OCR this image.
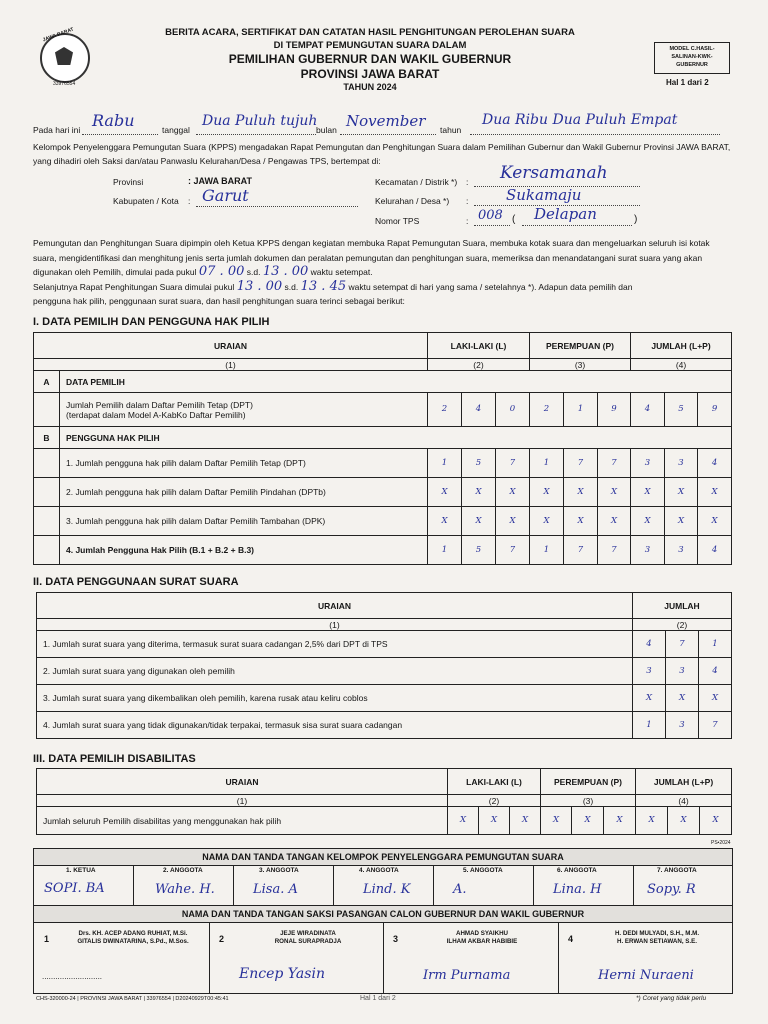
JAWA BARAT
33976554
BERITA ACARA, SERTIFIKAT DAN CATATAN HASIL PENGHITUNGAN PEROLEHAN SUARA
DI TEMPAT PEMUNGUTAN SUARA DALAM
PEMILIHAN GUBERNUR DAN WAKIL GUBERNUR
PROVINSI JAWA BARAT
TAHUN 2024
MODEL C.HASIL-
SALINAN-KWK-
GUBERNUR
Hal 1 dari 2
Pada hari ini Rabu	tanggal
Dua Puluh tujuh
bulan November tahun
Dua Ribu Dua Puluh Empat
Kelompok Penyelenggara Pemungutan Suara (KPPS) mengadakan Rapat Pemungutan dan Penghitungan Suara dalam Pemilihan Gubernur dan Wakil Gubernur Provinsi JAWA BARAT, yang dihadiri oleh Saksi dan/atau Panwaslu Kelurahan/Desa / Pengawas TPS, bertempat di:
Provinsi	: JAWA BARAT
Kabupaten / Kota : Garut
Kecamatan / Distrik *) : Kersamanah
Kelurahan / Desa *) :	Sukamaju
Nomor TPS	: 008 ( Delapan	)
Pemungutan dan Penghitungan Suara dipimpin oleh Ketua KPPS dengan kegiatan membuka Rapat Pemungutan Suara, membuka kotak suara dan mengeluarkan seluruh isi kotak suara, mengidentifikasi dan menghitung jenis serta jumlah dokumen dan peralatan pemungutan dan penghitungan suara, memeriksa dan menandatangani surat suara yang akan digunakan oleh Pemilih, dimulai pada pukul 07 . 00 s.d. 13 . 00 waktu setempat.
Selanjutnya Rapat Penghitungan Suara dimulai pukul 13 . 00 s.d. 13 . 45 waktu setempat di hari yang sama / setelahnya *). Adapun data pemilih dan
pengguna hak pilih, penggunaan surat suara, dan hasil penghitungan suara terinci sebagai berikut:
I. DATA PEMILIH DAN PENGGUNA HAK PILIH
URAIAN		LAKI-LAKI (L)			PEREMPUAN (P)			JUMLAH (L+P)		
(1)		(2)			(3)			(4)		
A	DATA PEMILIH									

	Jumlah Pemilih dalam Daftar Pemilih Tetap (DPT)
(terdapat dalam Model A-KabKo Daftar Pemilih)	2	4	0	2	1	9	4	5	9
B	PENGGUNA HAK PILIH									
	1. Jumlah pengguna hak pilih dalam Daftar Pemilih Tetap (DPT)	1	5	7	1	7	7	3	3	4
	2. Jumlah pengguna hak pilih dalam Daftar Pemilih Pindahan (DPTb)	X	X	X	X	X	X	X	X	X
	3. Jumlah pengguna hak pilih dalam Daftar Pemilih Tambahan (DPK)	X	X	X	X	X	X	X	X	X
	4. Jumlah Pengguna Hak Pilih (B.1 + B.2 + B.3)	1	5	7	1	7	7	3	3	4
II. DATA PENGGUNAAN SURAT SUARA
URAIAN	JUMLAH		
(1)	(2)		
1. Jumlah surat suara yang diterima, termasuk surat suara cadangan 2,5% dari DPT di TPS	4	7	1
2. Jumlah surat suara yang digunakan oleh pemilih	3	3	4
3. Jumlah surat suara yang dikembalikan oleh pemilih, karena rusak atau keliru coblos	X	X	X
4. Jumlah surat suara yang tidak digunakan/tidak terpakai, termasuk sisa surat suara cadangan	1	3	7
III. DATA PEMILIH DISABILITAS
URAIAN	LAKI-LAKI (L)			PEREMPUAN (P)			JUMLAH (L+P)		
(1)	(2)			(3)			(4)		
Jumlah seluruh Pemilih disabilitas yang menggunakan hak pilih	X	X	X	X	X	X	X	X	X
PS•2024
NAMA DAN TANDA TANGAN KELOMPOK PENYELENGGARA PEMUNGUTAN SUARA
1. KETUA
SOPI. BA
2. ANGGOTA
Wahe. H.
3. ANGGOTA
Lisa. A
4. ANGGOTA
Lind. K
5. ANGGOTA
A.
6. ANGGOTA
Lina. H
7. ANGGOTA
Sopy. R
NAMA DAN TANDA TANGAN SAKSI PASANGAN CALON GUBERNUR DAN WAKIL GUBERNUR
1
Drs. KH. ACEP ADANG RUHIAT, M.Si.
GITALIS DWINATARINA, S.Pd., M.Sos.
...........................
2
JEJE WIRADINATA
RONAL SURAPRADJA
Encep Yasin
3
AHMAD SYAIKHU
ILHAM AKBAR HABIBIE
Irm Purnama
4
H. DEDI MULYADI, S.H., M.M.
H. ERWAN SETIAWAN, S.E.
Herni Nuraeni
CHS-320000-24 | PROVINSI JAWA BARAT | 33976554 | D20240929T00:45:41	Hal 1 dari 2	*) Coret yang tidak perlu
